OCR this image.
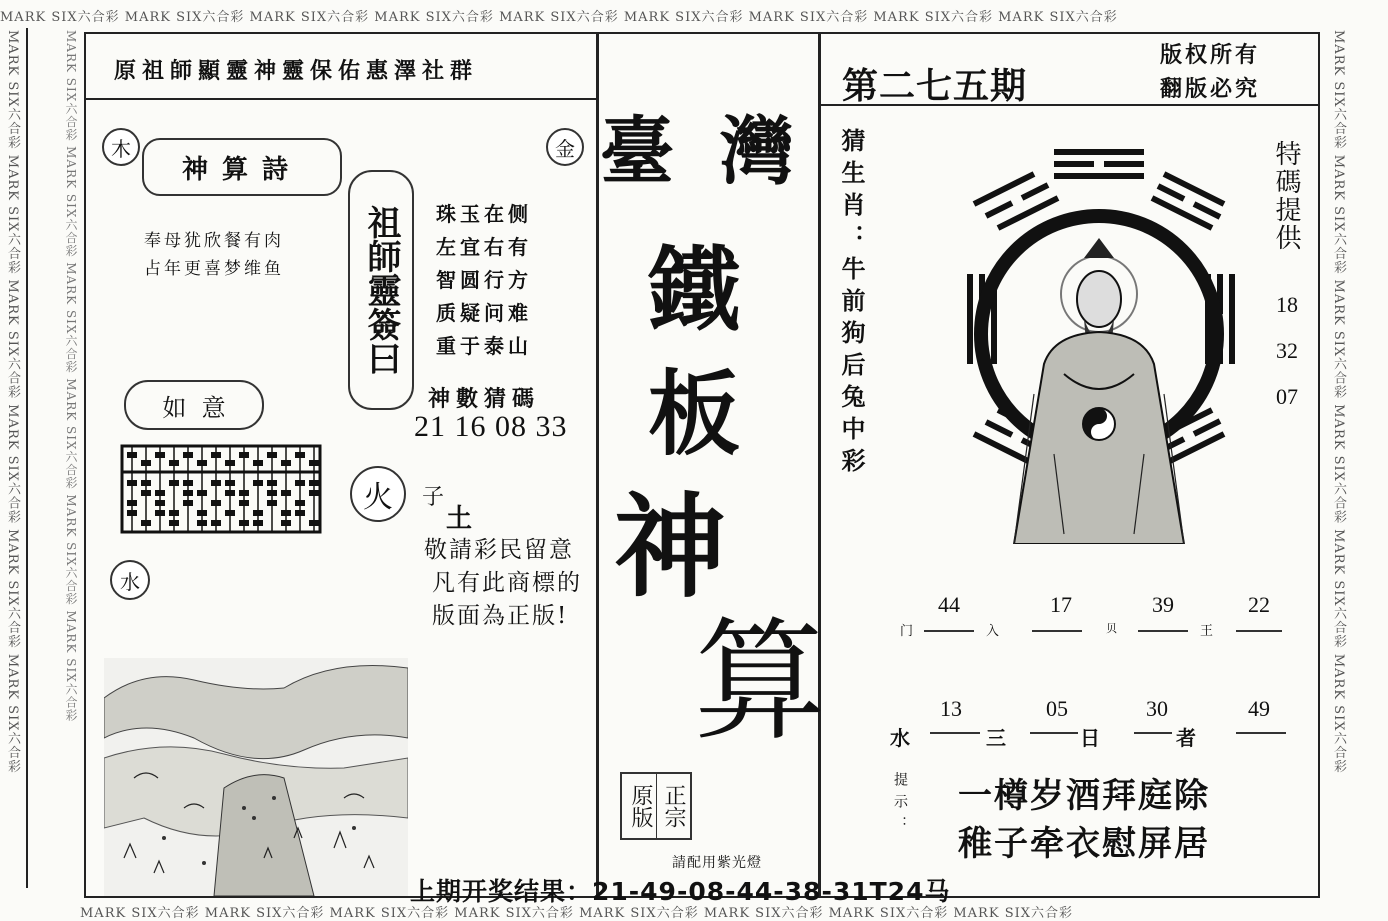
MARK SIX六合彩 MARK SIX六合彩 MARK SIX六合彩 MARK SIX六合彩 MARK SIX六合彩 MARK SIX六合彩 MARK SIX六合彩 MARK SIX六合彩 MARK SIX六合彩
MARK SIX六合彩 MARK SIX六合彩 MARK SIX六合彩 MARK SIX六合彩 MARK SIX六合彩 MARK SIX六合彩 MARK SIX六合彩 MARK SIX六合彩
MARK SIX六合彩 MARK SIX六合彩 MARK SIX六合彩 MARK SIX六合彩 MARK SIX六合彩 MARK SIX六合彩
MARK SIX六合彩 MARK SIX六合彩 MARK SIX六合彩 MARK SIX六合彩 MARK SIX六合彩 MARK SIX六合彩
MARK SIX六合彩 MARK SIX六合彩 MARK SIX六合彩 MARK SIX六合彩 MARK SIX六合彩 MARK SIX六合彩
原祖師顯靈神靈保佑惠澤社群	第二七五期
版权所有
翻版必究
木	金
神算詩
奉母犹欣餐有肉
占年更喜梦维鱼 祖師靈簽曰 珠玉在侧
左宜右有
智圆行方
质疑问难
重于泰山
如  意	神數猜碼
21 16 08 33
火 子
土
敬請彩民留意
凡有此商標的
版面為正版!
水
臺 灣
鐵
板
神
算
原版 正宗
請配用紫光燈
猜生肖：牛前狗后兔中彩	特碼提供
18
32
07
44	17	39	22
门	入	贝	王
13	05	30	49
水	三	日	者
提示： 一樽岁酒拜庭除
稚子牵衣慰屏居
上期开奖结果：21-49-08-44-38-31T24马
